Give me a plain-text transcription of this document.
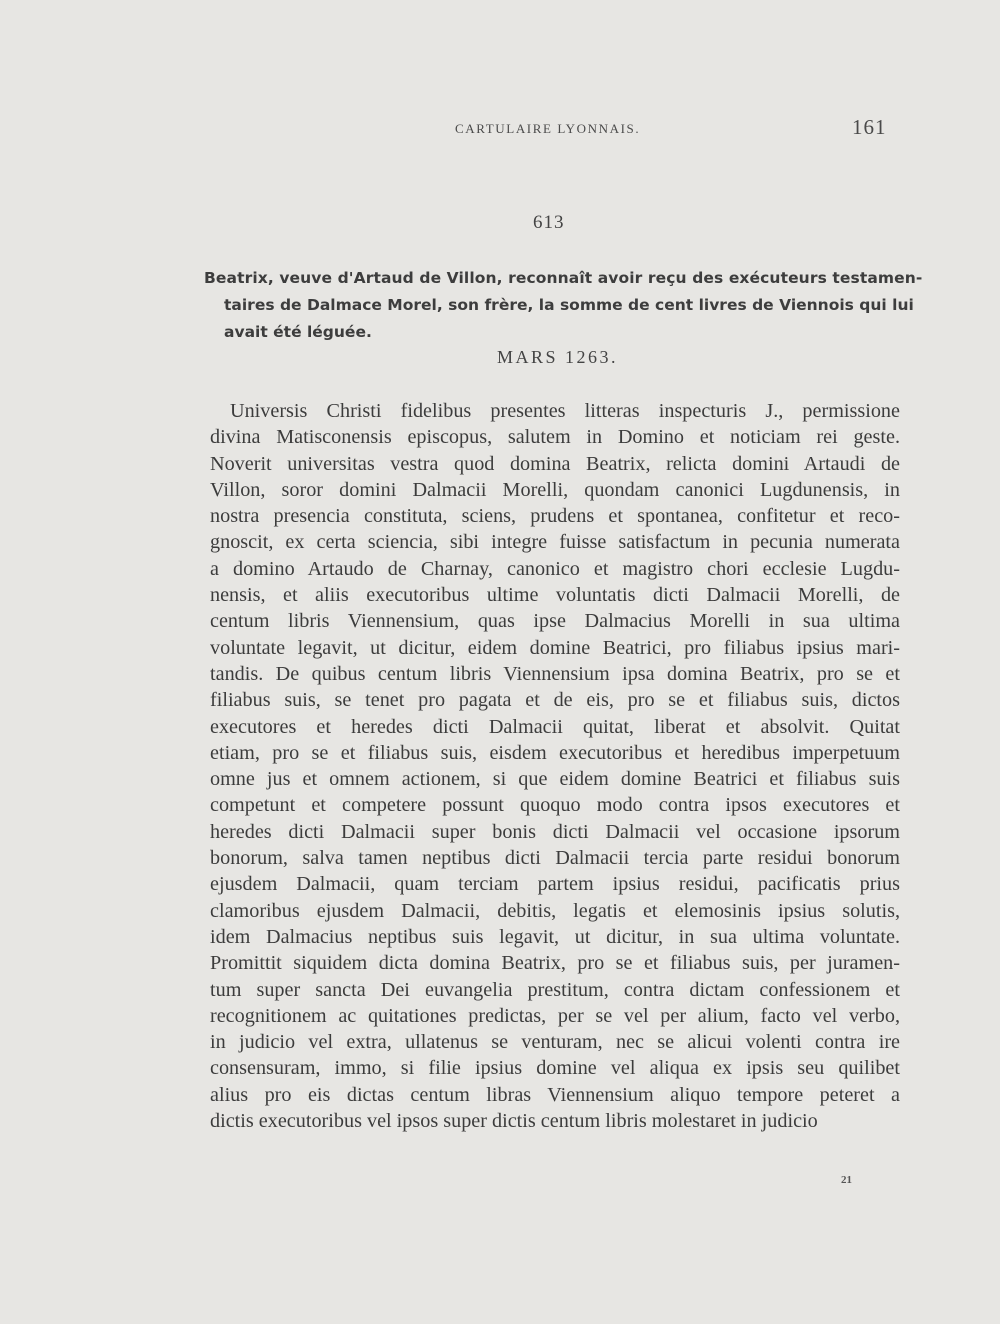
CARTULAIRE LYONNAIS.	161
613
Beatrix, veuve d'Artaud de Villon, reconnaît avoir reçu des exécuteurs testamen-
taires de Dalmace Morel, son frère, la somme de cent livres de Viennois qui lui
avait été léguée.
MARS 1263.
Universis Christi fidelibus presentes litteras inspecturis J., permissione
divina Matisconensis episcopus, salutem in Domino et noticiam rei geste.
Noverit universitas vestra quod domina Beatrix, relicta domini Artaudi de
Villon, soror domini Dalmacii Morelli, quondam canonici Lugdunensis, in
nostra presencia constituta, sciens, prudens et spontanea, confitetur et reco-
gnoscit, ex certa sciencia, sibi integre fuisse satisfactum in pecunia numerata
a domino Artaudo de Charnay, canonico et magistro chori ecclesie Lugdu-
nensis, et aliis executoribus ultime voluntatis dicti Dalmacii Morelli, de
centum libris Viennensium, quas ipse Dalmacius Morelli in sua ultima
voluntate legavit, ut dicitur, eidem domine Beatrici, pro filiabus ipsius mari-
tandis. De quibus centum libris Viennensium ipsa domina Beatrix, pro se et
filiabus suis, se tenet pro pagata et de eis, pro se et filiabus suis, dictos
executores et heredes dicti Dalmacii quitat, liberat et absolvit. Quitat
etiam, pro se et filiabus suis, eisdem executoribus et heredibus imperpetuum
omne jus et omnem actionem, si que eidem domine Beatrici et filiabus suis
competunt et competere possunt quoquo modo contra ipsos executores et
heredes dicti Dalmacii super bonis dicti Dalmacii vel occasione ipsorum
bonorum, salva tamen neptibus dicti Dalmacii tercia parte residui bonorum
ejusdem Dalmacii, quam terciam partem ipsius residui, pacificatis prius
clamoribus ejusdem Dalmacii, debitis, legatis et elemosinis ipsius solutis,
idem Dalmacius neptibus suis legavit, ut dicitur, in sua ultima voluntate.
Promittit siquidem dicta domina Beatrix, pro se et filiabus suis, per juramen-
tum super sancta Dei euvangelia prestitum, contra dictam confessionem et
recognitionem ac quitationes predictas, per se vel per alium, facto vel verbo,
in judicio vel extra, ullatenus se venturam, nec se alicui volenti contra ire
consensuram, immo, si filie ipsius domine vel aliqua ex ipsis seu quilibet
alius pro eis dictas centum libras Viennensium aliquo tempore peteret a
dictis executoribus vel ipsos super dictis centum libris molestaret in judicio
21
